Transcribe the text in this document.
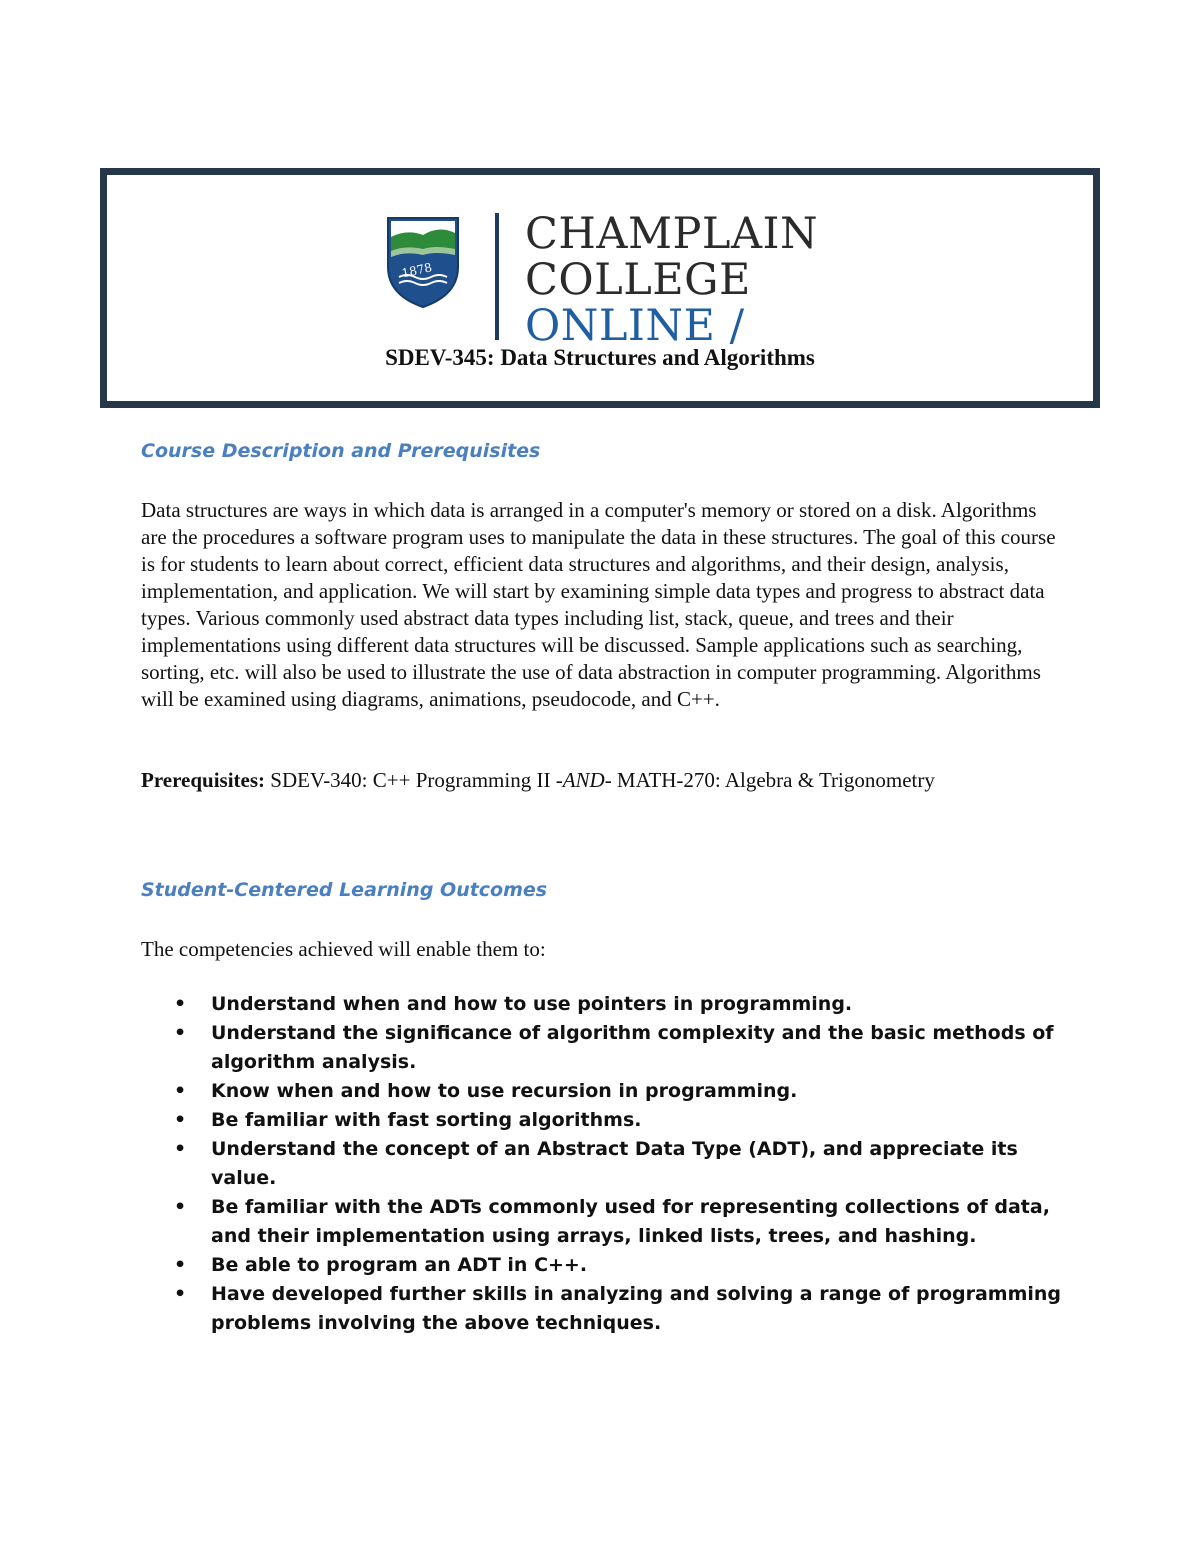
1878
CHAMPLAIN
COLLEGE
ONLINE /
SDEV-345: Data Structures and Algorithms
Course Description and Prerequisites

Data structures are ways in which data is arranged in a computer's memory or stored on a disk. Algorithms are the procedures a software program uses to manipulate the data in these structures. The goal of this course is for students to learn about correct, efficient data structures and algorithms, and their design, analysis, implementation, and application. We will start by examining simple data types and progress to abstract data types. Various commonly used abstract data types including list, stack, queue, and trees and their implementations using different data structures will be discussed. Sample applications such as searching, sorting, etc. will also be used to illustrate the use of data abstraction in computer programming. Algorithms will be examined using diagrams, animations, pseudocode, and C++.

Prerequisites: SDEV-340: C++ Programming II -AND- MATH-270: Algebra & Trigonometry
Student-Centered Learning Outcomes

The competencies achieved will enable them to:

• Understand when and how to use pointers in programming.
• Understand the significance of algorithm complexity and the basic methods of algorithm analysis.
• Know when and how to use recursion in programming.
• Be familiar with fast sorting algorithms.
• Understand the concept of an Abstract Data Type (ADT), and appreciate its value.
• Be familiar with the ADTs commonly used for representing collections of data, and their implementation using arrays, linked lists, trees, and hashing.
• Be able to program an ADT in C++.
• Have developed further skills in analyzing and solving a range of programming problems involving the above techniques.
